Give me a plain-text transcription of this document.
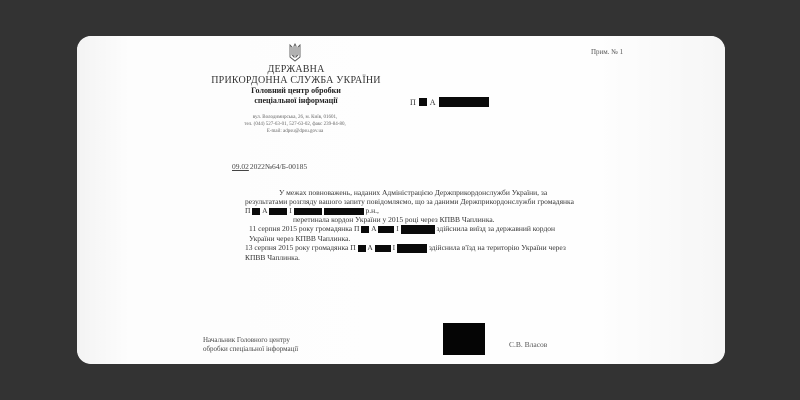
Прим. № 1
ДЕРЖАВНА
ПРИКОРДОННА СЛУЖБА УКРАЇНИ
Головний центр обробки
спеціальної інформації
вул. Володимирська, 26, м. Київ, 01601,
тел. (044) 527-63-01, 527-63-02, факс 239-84-80,
E-mail: adpsu@dpsu.gov.ua
П А
09.02 2022№64/Б-00185

У межах повноважень, наданих Адміністрацією Держприкордонслужби України, за результатами розгляду вашого запиту повідомляємо, що за даними Держприкордонслужби громадянка П А	І	р.н.,
перетинала кордон України у 2015 році через КПВВ Чаплинка.

11 серпня 2015 року громадянка П А	І	здійснила виїзд за державний кордон України через КПВВ Чаплинка.

13 серпня 2015 року громадянка П А	І	здійснила в'їзд на територію України через КПВВ Чаплинка.

Начальник Головного центру
обробки спеціальної інформації	С.В. Власов
